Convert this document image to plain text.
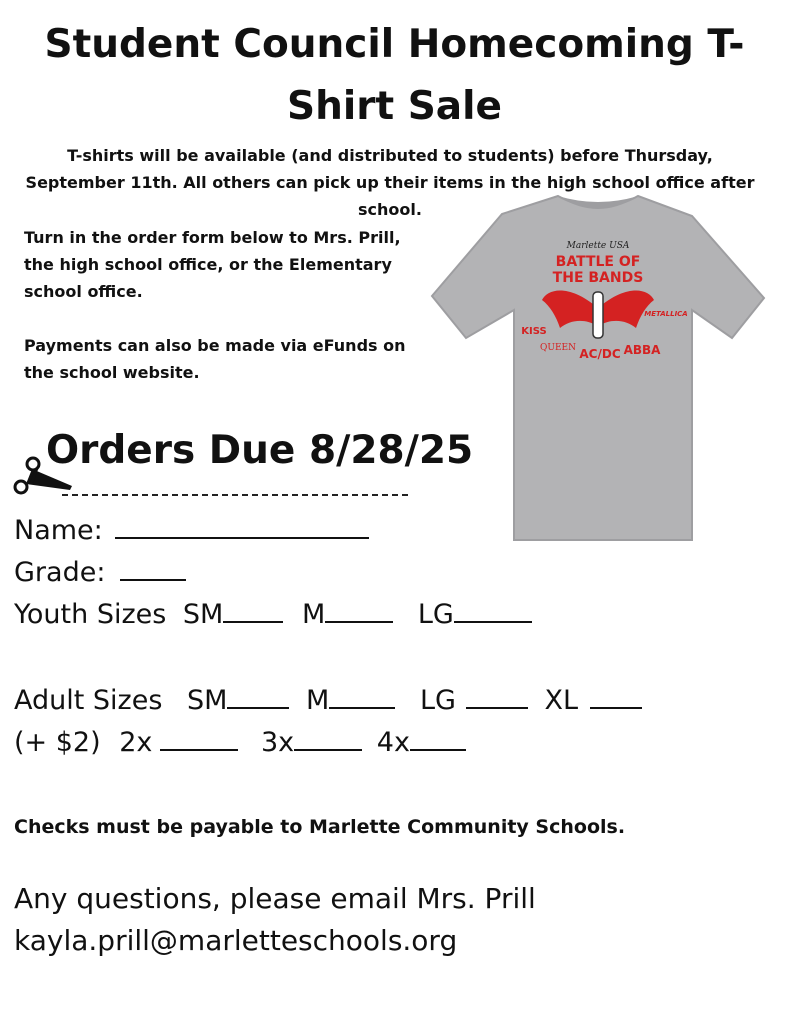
Student Council Homecoming T-
Shirt Sale

T-shirts will be available (and distributed to students) before Thursday, September 11th. All others can pick up their items in the high school office after school.

Turn in the order form below to Mrs. Prill, the high school office, or the Elementary school office.

Payments can also be made via eFunds on the school website.

Marlette USA
BATTLE OF
THE BANDS
KISS
METALLICA
QUEEN AC/DC ABBA
Orders Due 8/28/25
Name:
Grade:
Youth Sizes SM	M	LG
Adult Sizes SM	M	LG	XL
(+ $2) 2x	3x	4x

Checks must be payable to Marlette Community Schools.

Any questions, please email Mrs. Prill
kayla.prill@marletteschools.org
